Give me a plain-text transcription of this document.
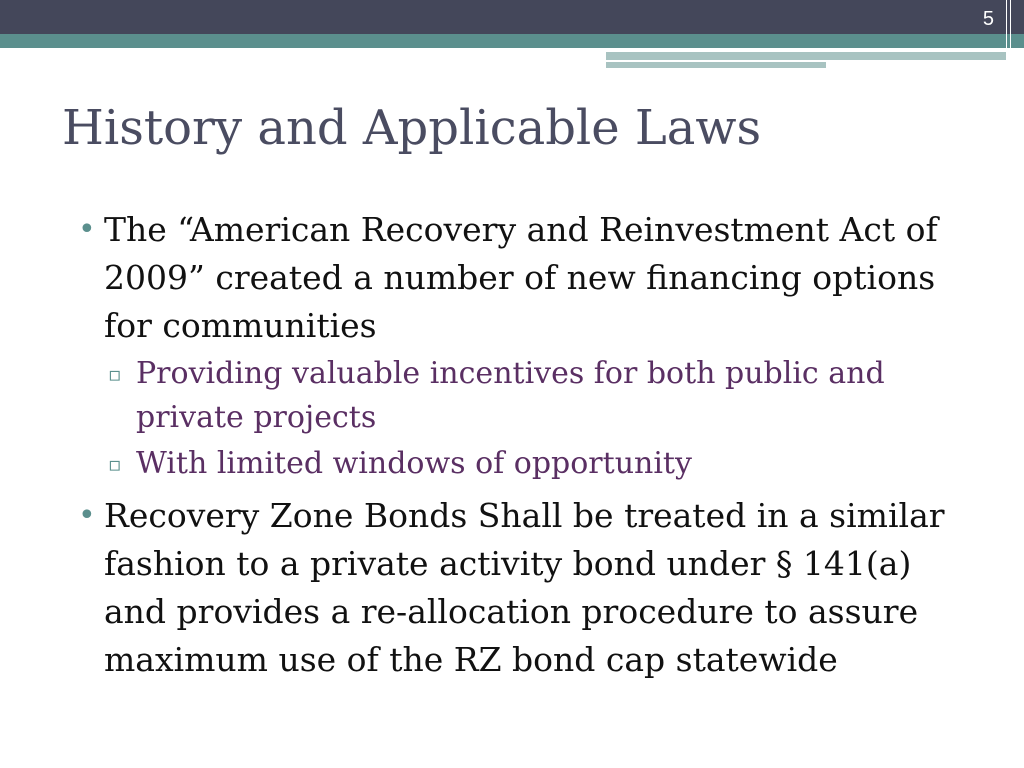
5
History and Applicable Laws

• The “American Recovery and Reinvestment Act of 2009” created a number of new financing options for communities

▫ Providing valuable incentives for both public and private projects

▫ With limited windows of opportunity

• Recovery Zone Bonds Shall be treated in a similar fashion to a private activity bond under § 141(a) and provides a re-allocation procedure to assure maximum use of the RZ bond cap statewide
